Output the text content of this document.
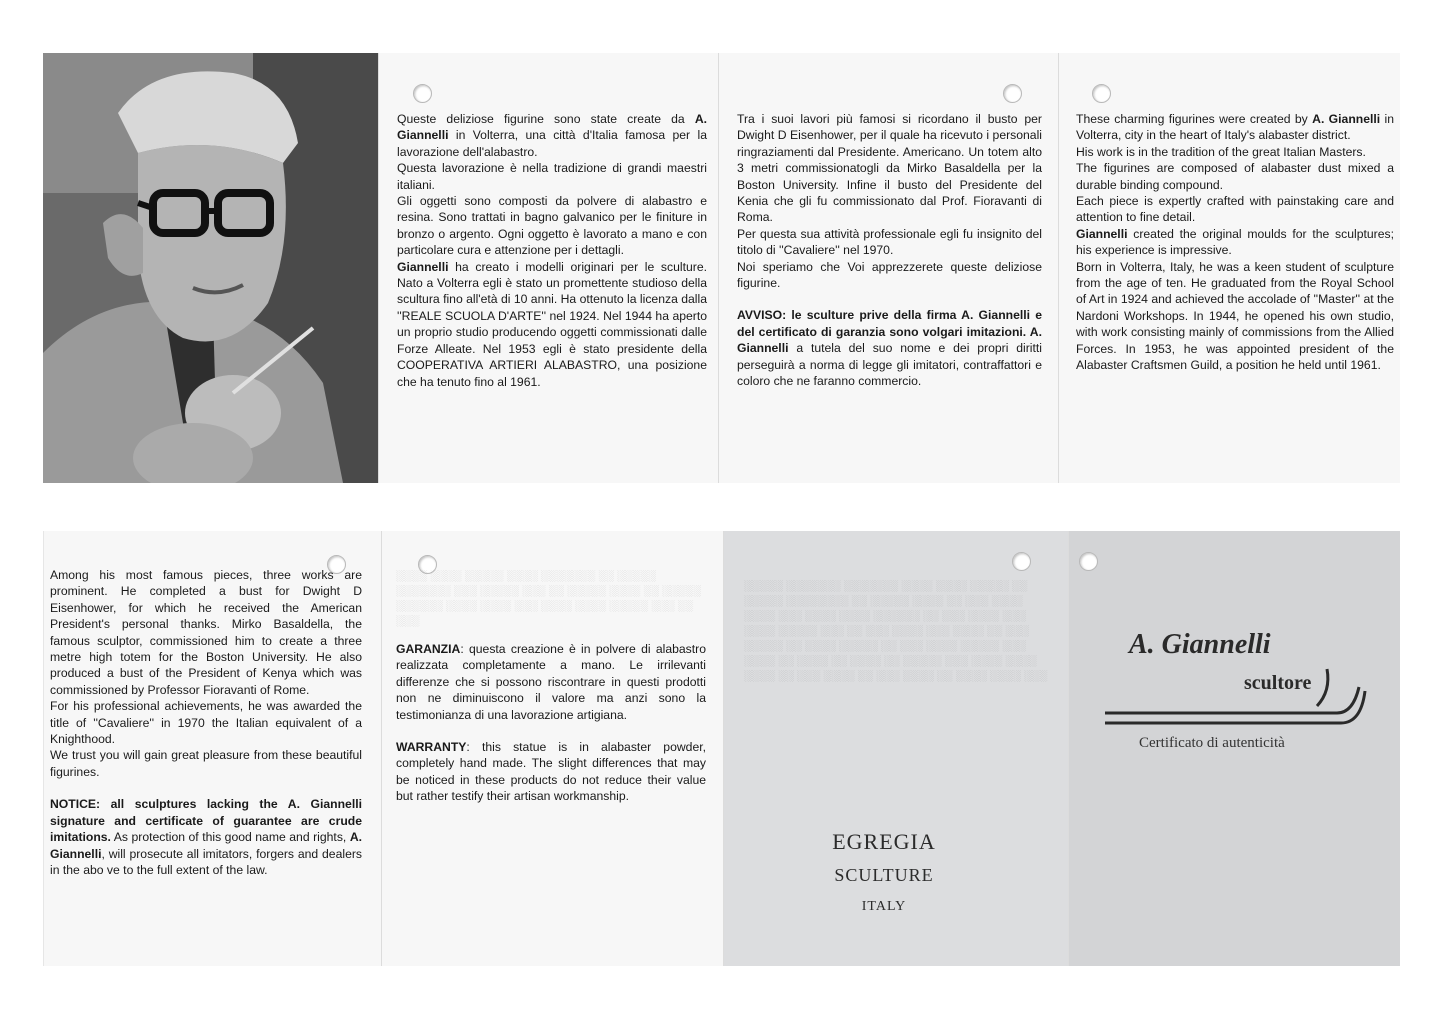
Queste deliziose figurine sono state create da A. Giannelli in Volterra, una città d'Italia famosa per la lavorazione dell'alabastro.

Questa lavorazione è nella tradizione di grandi maestri italiani.

Gli oggetti sono composti da polvere di alabastro e resina. Sono trattati in bagno galvanico per le finiture in bronzo o argento. Ogni oggetto è lavorato a mano e con particolare cura e attenzione per i dettagli.

Giannelli ha creato i modelli originari per le sculture. Nato a Volterra egli è stato un promettente studioso della scultura fino all'età di 10 anni. Ha ottenuto la licenza dalla ''REALE SCUOLA D'ARTE'' nel 1924. Nel 1944 ha aperto un proprio studio producendo oggetti commissionati dalle Forze Alleate. Nel 1953 egli è stato presidente della COOPERATIVA ARTIERI ALABASTRO, una posizione che ha tenuto fino al 1961.

Tra i suoi lavori più famosi si ricordano il busto per Dwight D Eisenhower, per il quale ha ricevuto i personali ringraziamenti dal Presidente. Americano. Un totem alto 3 metri commissionatogli da Mirko Basaldella per la Boston University. Infine il busto del Presidente del Kenia che gli fu commissionato dal Prof. Fioravanti di Roma.

Per questa sua attività professionale egli fu insignito del titolo di ''Cavaliere'' nel 1970.

Noi speriamo che Voi apprezzerete queste deliziose figurine.

AVVISO: le sculture prive della firma A. Giannelli e del certificato di garanzia sono volgari imitazioni. A. Giannelli a tutela del suo nome e dei propri diritti perseguirà a norma di legge gli imitatori, contraffattori e coloro che ne faranno commercio.

These charming figurines were created by A. Giannelli in Volterra, city in the heart of Italy's alabaster district.

His work is in the tradition of the great Italian Masters.

The figurines are composed of alabaster dust mixed a durable binding compound.

Each piece is expertly crafted with painstaking care and attention to fine detail.

Giannelli created the original moulds for the sculptures; his experience is impressive.

Born in Volterra, Italy, he was a keen student of sculpture from the age of ten. He graduated from the Royal School of Art in 1924 and achieved the accolade of ''Master'' at the Nardoni Workshops. In 1944, he opened his own studio, with work consisting mainly of commissions from the Allied Forces. In 1953, he was appointed president of the Alabaster Craftsmen Guild, a position he held until 1961.

Among his most famous pieces, three works are prominent. He completed a bust for Dwight D Eisenhower, for which he received the American President's personal thanks. Mirko Basaldella, the famous sculptor, commissioned him to create a three metre high totem for the Boston University. He also produced a bust of the President of Kenya which was commissioned by Professor Fioravanti of Rome.

For his professional achievements, he was awarded the title of ''Cavaliere'' in 1970 the Italian equivalent of a Knighthood.

We trust you will gain great pleasure from these beautiful figurines.

NOTICE: all sculptures lacking the A. Giannelli signature and certificate of guarantee are crude imitations. As protection of this good name and rights, A. Giannelli, will prosecute all imitators, forgers and dealers in the abo ve to the full extent of the law.

░░░░ ░░░░ ░░░░░ ░░░░ ░░░░░░░ ░░ ░░░░░ ░░░░░░░ ░░░ ░░░░░ ░░░ ░░ ░░░░░ ░░░░ ░░ ░░░░░ ░░░░░░ ░░░░ ░░░░ ░░░ ░░░░ ░░░░ ░░░░░ ░░░ ░░ ░░░

GARANZIA: questa creazione è in polvere di alabastro realizzata completamente a mano. Le irrilevanti differenze che si possono riscontrare in questi prodotti non ne diminuiscono il valore ma anzi sono la testimonianza di una lavorazione artigiana.

WARRANTY: this statue is in alabaster powder, completely hand made. The slight differences that may be noticed in these products do not reduce their value but rather testify their artisan workmanship.

░░░░░ ░░░░░░░ ░░░░░░░ ░░░░ ░░░░ ░░░░░ ░░ ░░░░░ ░░░░░░░░ ░░ ░░░░░ ░░░░ ░░ ░░░ ░░░░ ░░░░ ░░░ ░░░░ ░░░░ ░░░░░░ ░░ ░░░ ░░░░ ░░░ ░░░░ ░░░░░ ░░░ ░░ ░░░ ░░░░ ░░░ ░░░░ ░░ ░░░ ░░░░░ ░░ ░░░░ ░░░░░ ░░ ░░░ ░░░░ ░░░░░ ░░░ ░░░░ ░░ ░░░░ ░░ ░░░░ ░░ ░░░░░ ░░░ ░░░░ ░░░░ ░░░░ ░░ ░░░ ░░░░ ░░ ░░░ ░░░░ ░░ ░░░░ ░░░░ ░░░
EGREGIA
SCULTURE
ITALY
A. Giannelli
scultore
Certificato di autenticità
